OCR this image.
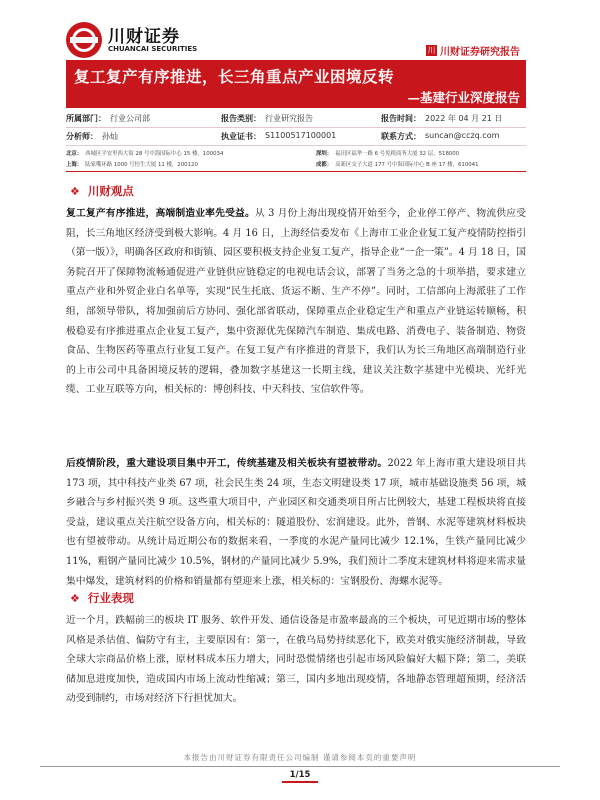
川财证券
CHUANCAI SECURITIES	川 川财证券研究报告
复工复产有序推进，长三角重点产业困境反转
—基建行业深度报告
所属部门： 行业公司部	报告类别： 行业研究报告	报告时间： 2022 年 04 月 21 日
分析师： 孙灿	执业证书： S1100517100001	联系方式： suncan@cczq.com
北京： 西城区平安里西大街 28 号中海国际中心 15 楼，100034	深圳： 福田区福华一路 6 号免税商务大厦 32 层，518000
上海： 陆家嘴环路 1000 号恒生大厦 11 楼，200120	成都： 高新区交子大道 177 号中海国际中心 B 座 17 楼，610041
❖ 川财观点
复工复产有序推进，高端制造业率先受益。从 3 月份上海出现疫情开始至今，企业停工停产、物流供应受阻，长三角地区经济受到极大影响。4 月 16 日，上海经信委发布《上海市工业企业复工复产疫情防控指引（第一版）》，明确各区政府和街镇、园区要积极支持企业复工复产，指导企业“一企一策”。4 月 18 日，国务院召开了保障物流畅通促进产业链供应链稳定的电视电话会议，部署了当务之急的十项举措，要求建立重点产业和外贸企业白名单等，实现“民生托底、货运不断、生产不停”。同时，工信部向上海派驻了工作组，部领导带队，将加强前后方协同、强化部省联动，保障重点企业稳定生产和重点产业链运转顺畅，积极稳妥有序推进重点企业复工复产，集中资源优先保障汽车制造、集成电路、消费电子、装备制造、物资食品、生物医药等重点行业复工复产。在复工复产有序推进的背景下，我们认为长三角地区高端制造行业的上市公司中具备困境反转的逻辑，叠加数字基建这一长期主线，建议关注数字基建中光模块、光纤光缆、工业互联等方向，相关标的：博创科技、中天科技、宝信软件等。
后疫情阶段，重大建设项目集中开工，传统基建及相关板块有望被带动。2022 年上海市重大建设项目共 173 项，其中科技产业类 67 项，社会民生类 24 项，生态文明建设类 17 项，城市基础设施类 56 项，城乡融合与乡村振兴类 9 项。这些重大项目中，产业园区和交通类项目所占比例较大，基建工程板块将直接受益，建议重点关注航空设备方向，相关标的：隧道股份、宏润建设。此外，普钢、水泥等建筑材料板块也有望被带动。从统计局近期公布的数据来看，一季度的水泥产量同比减少 12.1%，生铁产量同比减少 11%，粗钢产量同比减少 10.5%，钢材的产量同比减少 5.9%，我们预计二季度末建筑材料将迎来需求量集中爆发，建筑材料的价格和销量都有望迎来上涨，相关标的：宝钢股份、海螺水泥等。
❖ 行业表现
近一个月，跌幅前三的板块 IT 服务、软件开发、通信设备是市盈率最高的三个板块，可见近期市场的整体风格是杀估值、偏防守有主，主要原因有：第一，在俄乌局势持续恶化下，欧美对俄实施经济制裁，导致全球大宗商品价格上涨，原材料成本压力增大，同时恐慌情绪也引起市场风险偏好大幅下降；第二，美联储加息进度加快，造成国内市场上流动性缩减；第三，国内多地出现疫情，各地静态管理超预期，经济活动受到制约，市场对经济下行担忧加大。
本报告由川财证券有限责任公司编制 谨请参阅本页的重要声明
1/15
